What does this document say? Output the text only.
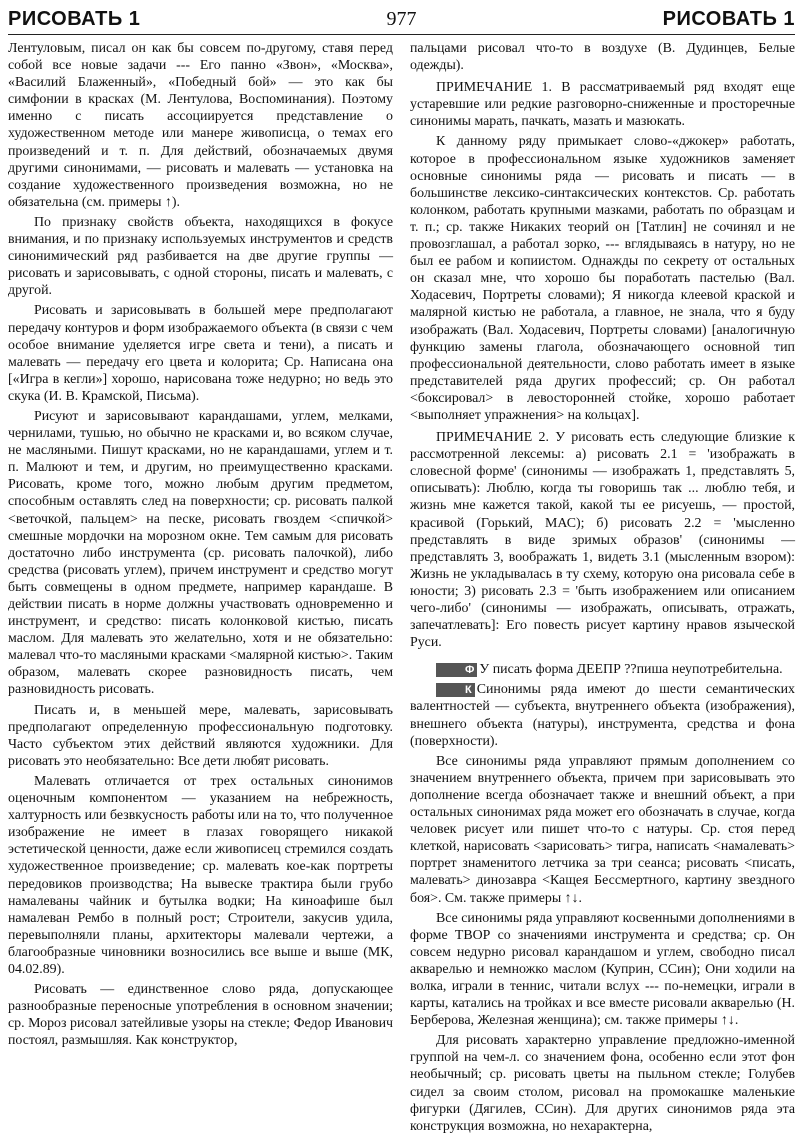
РИСОВАТЬ 1	977	РИСОВАТЬ 1

Лентуловым, писал он как бы совсем по-другому, ставя перед собой все новые задачи --- Его панно «Звон», «Москва», «Василий Блаженный», «Победный бой» — это как бы симфонии в красках (М. Лентулова, Воспоминания). Поэтому именно с писать ассоциируется представление о художественном методе или манере живописца, о темах его произведений и т. п. Для действий, обозначаемых двумя другими синонимами, — рисовать и малевать — установка на создание художественного произведения возможна, но не обязательна (см. примеры ↑).

По признаку свойств объекта, находящихся в фокусе внимания, и по признаку используемых инструментов и средств синонимический ряд разбивается на две другие группы — рисовать и зарисовывать, с одной стороны, писать и малевать, с другой.

Рисовать и зарисовывать в большей мере предполагают передачу контуров и форм изображаемого объекта (в связи с чем особое внимание уделяется игре света и тени), а писать и малевать — передачу его цвета и колорита; Ср. Написана она [«Игра в кегли»] хорошо, нарисована тоже недурно; но ведь это скука (И. В. Крамской, Письма).

Рисуют и зарисовывают карандашами, углем, мелками, чернилами, тушью, но обычно не красками и, во всяком случае, не масляными. Пишут красками, но не карандашами, углем и т. п. Малюют и тем, и другим, но преимущественно красками. Рисовать, кроме того, можно любым другим предметом, способным оставлять след на поверхности; ср. рисовать палкой <веточкой, пальцем> на песке, рисовать гвоздем <спичкой> смешные мордочки на морозном окне. Тем самым для рисовать достаточно либо инструмента (ср. рисовать палочкой), либо средства (рисовать углем), причем инструмент и средство могут быть совмещены в одном предмете, например карандаше. В действии писать в норме должны участвовать одновременно и инструмент, и средство: писать колонковой кистью, писать маслом. Для малевать это желательно, хотя и не обязательно: малевал что-то масляными красками <малярной кистью>. Таким образом, малевать скорее разновидность писать, чем разновидность рисовать.

Писать и, в меньшей мере, малевать, зарисовывать предполагают определенную профессиональную подготовку. Часто субъектом этих действий являются художники. Для рисовать это необязательно: Все дети любят рисовать.

Малевать отличается от трех остальных синонимов оценочным компонентом — указанием на небрежность, халтурность или безвкусность работы или на то, что полученное изображение не имеет в глазах говорящего никакой эстетической ценности, даже если живописец стремился создать художественное произведение; ср. малевать кое-как портреты передовиков производства; На вывеске трактира были грубо намалеваны чайник и бутылка водки; На киноафише был намалеван Рембо в полный рост; Строители, закусив удила, перевыполняли планы, архитекторы малевали чертежи, а благообразные чиновники возносились все выше и выше (МК, 04.02.89).

Рисовать — единственное слово ряда, допускающее разнообразные переносные употребления в основном значении; ср. Мороз рисовал затейливые узоры на стекле; Федор Иванович постоял, размышляя. Как конструктор,

пальцами рисовал что-то в воздухе (В. Дудинцев, Белые одежды).

ПРИМЕЧАНИЕ 1. В рассматриваемый ряд входят еще устаревшие или редкие разговорно-сниженные и просторечные синонимы марать, пачкать, мазать и мазюкать.

К данному ряду примыкает слово-«джокер» работать, которое в профессиональном языке художников заменяет основные синонимы ряда — рисовать и писать — в большинстве лексико-синтаксических контекстов. Ср. работать колонком, работать крупными мазками, работать по образцам и т. п.; ср. также Никаких теорий он [Татлин] не сочинял и не провозглашал, а работал зорко, --- вглядываясь в натуру, но не был ее рабом и копиистом. Однажды по секрету от остальных он сказал мне, что хорошо бы поработать пастелью (Вал. Ходасевич, Портреты словами); Я никогда клеевой краской и малярной кистью не работала, а главное, не знала, что я буду изображать (Вал. Ходасевич, Портреты словами) [аналогичную функцию замены глагола, обозначающего основной тип профессиональной деятельности, слово работать имеет в языке представителей ряда других профессий; ср. Он работал <боксировал> в левосторонней стойке, хорошо работает <выполняет упражнения> на кольцах].

ПРИМЕЧАНИЕ 2. У рисовать есть следующие близкие к рассмотренной лексемы: а) рисовать 2.1 = 'изображать в словесной форме' (синонимы — изображать 1, представлять 5, описывать): Люблю, когда ты говоришь так ... люблю тебя, и жизнь мне кажется такой, какой ты ее рисуешь, — простой, красивой (Горький, МАС); б) рисовать 2.2 = 'мысленно представлять в виде зримых образов' (синонимы — представлять 3, воображать 1, видеть 3.1 (мысленным взором): Жизнь не укладывалась в ту схему, которую она рисовала себе в юности; 3) рисовать 2.3 = 'быть изображением или описанием чего-либо' (синонимы — изображать, описывать, отражать, запечатлевать]: Его повесть рисует картину нравов языческой Руси.

Ф У писать форма ДЕЕПР ??пиша неупотребительна.

К Синонимы ряда имеют до шести семантических валентностей — субъекта, внутреннего объекта (изображения), внешнего объекта (натуры), инструмента, средства и фона (поверхности).

Все синонимы ряда управляют прямым дополнением со значением внутреннего объекта, причем при зарисовывать это дополнение всегда обозначает также и внешний объект, а при остальных синонимах ряда может его обозначать в случае, когда человек рисует или пишет что-то с натуры. Ср. стоя перед клеткой, нарисовать <зарисовать> тигра, написать <намалевать> портрет знаменитого летчика за три сеанса; рисовать <писать, малевать> динозавра <Кащея Бессмертного, картину звездного боя>. См. также примеры ↑↓.

Все синонимы ряда управляют косвенными дополнениями в форме ТВОР со значениями инструмента и средства; ср. Он совсем недурно рисовал карандашом и углем, свободно писал акварелью и немножко маслом (Куприн, ССин); Они ходили на волка, играли в теннис, читали вслух --- по-немецки, играли в карты, катались на тройках и все вместе рисовали акварелью (Н. Берберова, Железная женщина); см. также примеры ↑↓.

Для рисовать характерно управление предложно-именной группой на чем-л. со значением фона, особенно если этот фон необычный; ср. рисовать цветы на пыльном стекле; Голубев сидел за своим столом, рисовал на промокашке маленькие фигурки (Дягилев, ССин). Для других синонимов ряда эта конструкция возможна, но нехарактерна,
